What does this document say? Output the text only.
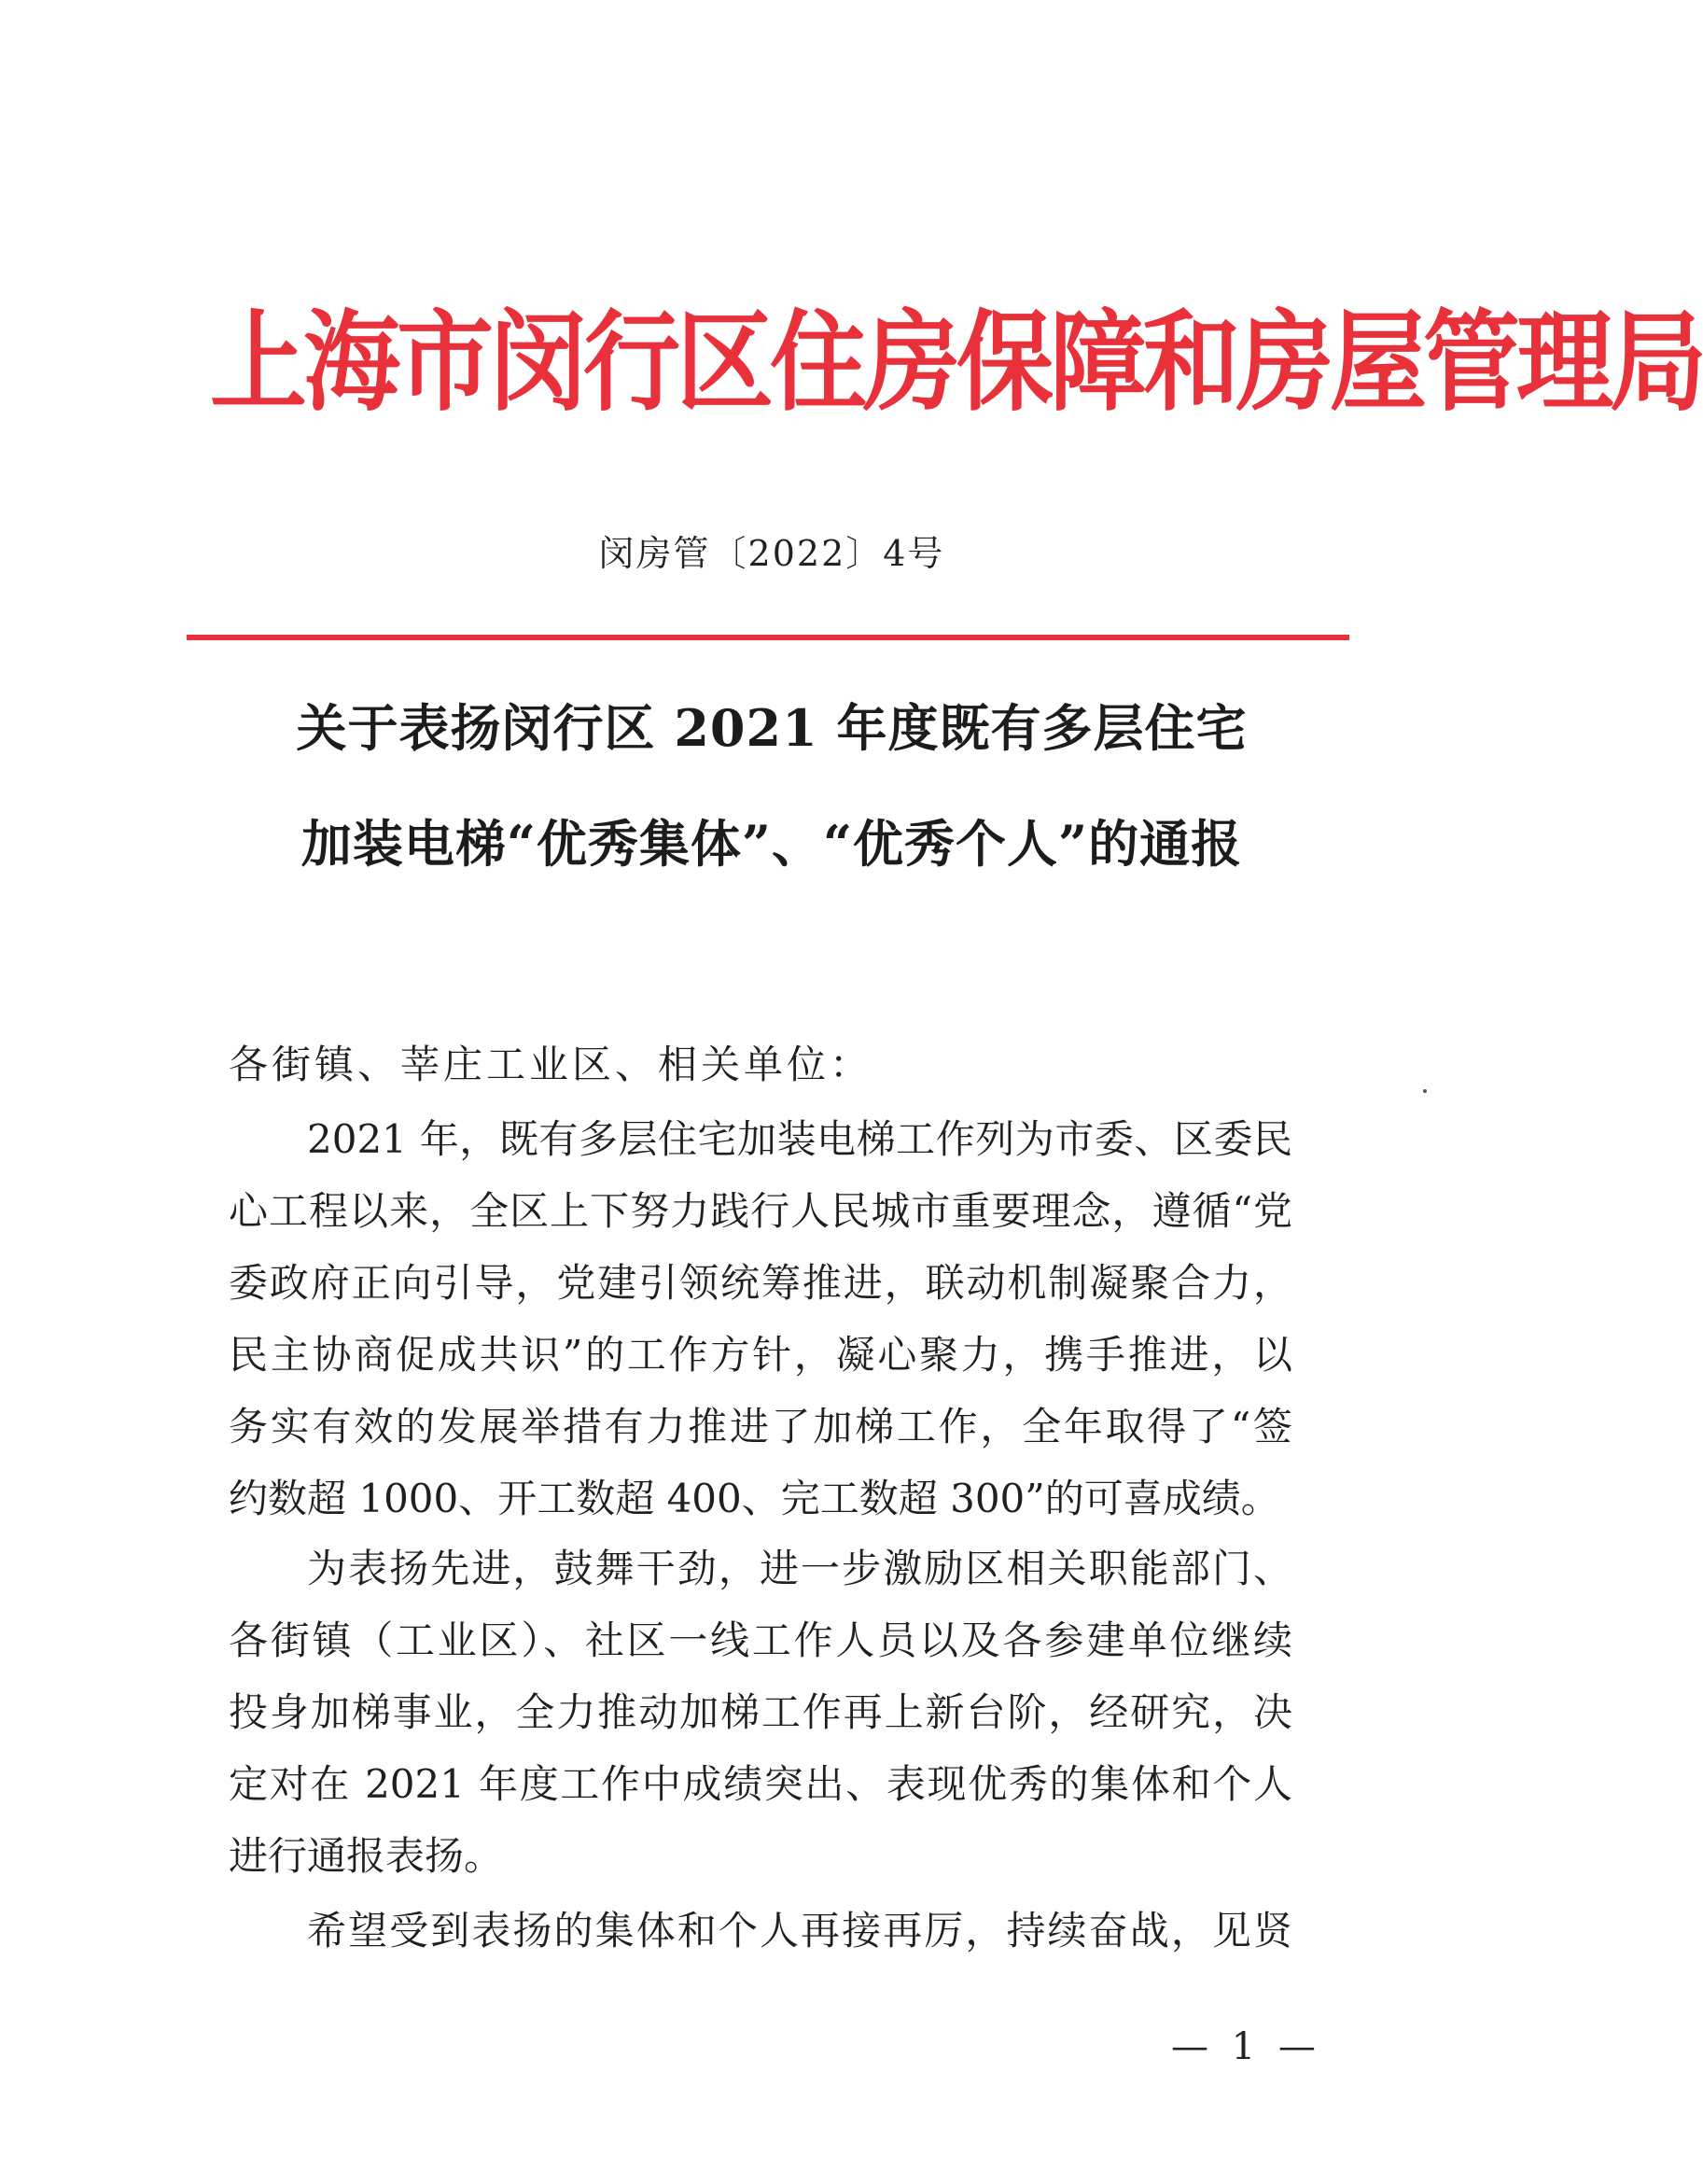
上海市闵行区住房保障和房屋管理局
闵房管〔2022〕4号
关于表扬闵行区 2021 年度既有多层住宅
加装电梯“优秀集体”、“优秀个人”的通报
各街镇、莘庄工业区、相关单位：
2021 年，既有多层住宅加装电梯工作列为市委、区委民
心工程以来，全区上下努力践行人民城市重要理念，遵循“党
委政府正向引导，党建引领统筹推进，联动机制凝聚合力，
民主协商促成共识”的工作方针，凝心聚力，携手推进，以
务实有效的发展举措有力推进了加梯工作，全年取得了“签
约数超 1000、开工数超 400、完工数超 300”的可喜成绩。
为表扬先进，鼓舞干劲，进一步激励区相关职能部门、
各街镇（工业区）、社区一线工作人员以及各参建单位继续
投身加梯事业，全力推动加梯工作再上新台阶，经研究，决
定对在 2021 年度工作中成绩突出、表现优秀的集体和个人
进行通报表扬。
希望受到表扬的集体和个人再接再厉，持续奋战，见贤
— 1 —
